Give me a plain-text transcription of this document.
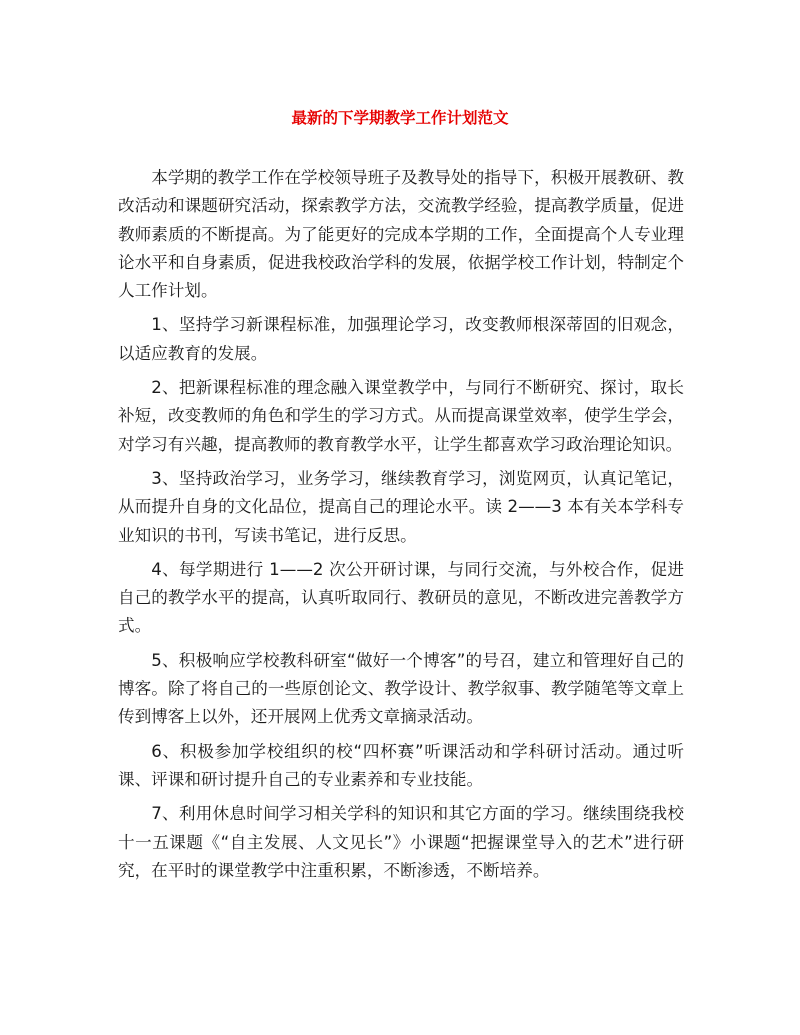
最新的下学期教学工作计划范文

本学期的教学工作在学校领导班子及教导处的指导下，积极开展教研、教改活动和课题研究活动，探索教学方法，交流教学经验，提高教学质量，促进教师素质的不断提高。为了能更好的完成本学期的工作，全面提高个人专业理论水平和自身素质，促进我校政治学科的发展，依据学校工作计划，特制定个人工作计划。

1、坚持学习新课程标准，加强理论学习，改变教师根深蒂固的旧观念，以适应教育的发展。

2、把新课程标准的理念融入课堂教学中，与同行不断研究、探讨，取长补短，改变教师的角色和学生的学习方式。从而提高课堂效率，使学生学会，对学习有兴趣，提高教师的教育教学水平，让学生都喜欢学习政治理论知识。

3、坚持政治学习，业务学习，继续教育学习，浏览网页，认真记笔记，从而提升自身的文化品位，提高自己的理论水平。读 2——3 本有关本学科专业知识的书刊，写读书笔记，进行反思。

4、每学期进行 1——2 次公开研讨课，与同行交流，与外校合作，促进自己的教学水平的提高，认真听取同行、教研员的意见，不断改进完善教学方式。

5、积极响应学校教科研室“做好一个博客”的号召，建立和管理好自己的博客。除了将自己的一些原创论文、教学设计、教学叙事、教学随笔等文章上传到博客上以外，还开展网上优秀文章摘录活动。

6、积极参加学校组织的校“四杯赛”听课活动和学科研讨活动。通过听课、评课和研讨提升自己的专业素养和专业技能。

7、利用休息时间学习相关学科的知识和其它方面的学习。继续围绕我校十一五课题《“自主发展、人文见长”》小课题“把握课堂导入的艺术”进行研究，在平时的课堂教学中注重积累，不断渗透，不断培养。
